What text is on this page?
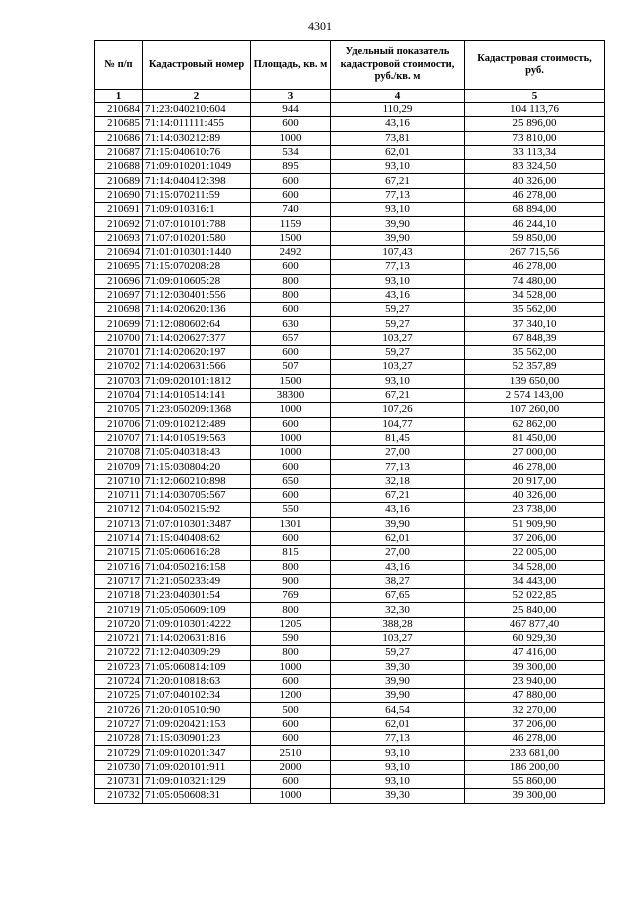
4301
№ п/п	Кадастровый номер	Площадь, кв. м	Удельный показатель кадастровой стоимости, руб./кв. м	Кадастровая стоимость, руб.
1	2	3	4	5
210684	71:23:040210:604	944	110,29	104 113,76
210685	71:14:011111:455	600	43,16	25 896,00
210686	71:14:030212:89	1000	73,81	73 810,00
210687	71:15:040610:76	534	62,01	33 113,34
210688	71:09:010201:1049	895	93,10	83 324,50
210689	71:14:040412:398	600	67,21	40 326,00
210690	71:15:070211:59	600	77,13	46 278,00
210691	71:09:010316:1	740	93,10	68 894,00
210692	71:07:010101:788	1159	39,90	46 244,10
210693	71:07:010201:580	1500	39,90	59 850,00
210694	71:01:010301:1440	2492	107,43	267 715,56
210695	71:15:070208:28	600	77,13	46 278,00
210696	71:09:010605:28	800	93,10	74 480,00
210697	71:12:030401:556	800	43,16	34 528,00
210698	71:14:020620:136	600	59,27	35 562,00
210699	71:12:080602:64	630	59,27	37 340,10
210700	71:14:020627:377	657	103,27	67 848,39
210701	71:14:020620:197	600	59,27	35 562,00
210702	71:14:020631:566	507	103,27	52 357,89
210703	71:09:020101:1812	1500	93,10	139 650,00
210704	71:14:010514:141	38300	67,21	2 574 143,00
210705	71:23:050209:1368	1000	107,26	107 260,00
210706	71:09:010212:489	600	104,77	62 862,00
210707	71:14:010519:563	1000	81,45	81 450,00
210708	71:05:040318:43	1000	27,00	27 000,00
210709	71:15:030804:20	600	77,13	46 278,00
210710	71:12:060210:898	650	32,18	20 917,00
210711	71:14:030705:567	600	67,21	40 326,00
210712	71:04:050215:92	550	43,16	23 738,00
210713	71:07:010301:3487	1301	39,90	51 909,90
210714	71:15:040408:62	600	62,01	37 206,00
210715	71:05:060616:28	815	27,00	22 005,00
210716	71:04:050216:158	800	43,16	34 528,00
210717	71:21:050233:49	900	38,27	34 443,00
210718	71:23:040301:54	769	67,65	52 022,85
210719	71:05:050609:109	800	32,30	25 840,00
210720	71:09:010301:4222	1205	388,28	467 877,40
210721	71:14:020631:816	590	103,27	60 929,30
210722	71:12:040309:29	800	59,27	47 416,00
210723	71:05:060814:109	1000	39,30	39 300,00
210724	71:20:010818:63	600	39,90	23 940,00
210725	71:07:040102:34	1200	39,90	47 880,00
210726	71:20:010510:90	500	64,54	32 270,00
210727	71:09:020421:153	600	62,01	37 206,00
210728	71:15:030901:23	600	77,13	46 278,00
210729	71:09:010201:347	2510	93,10	233 681,00
210730	71:09:020101:911	2000	93,10	186 200,00
210731	71:09:010321:129	600	93,10	55 860,00
210732	71:05:050608:31	1000	39,30	39 300,00
